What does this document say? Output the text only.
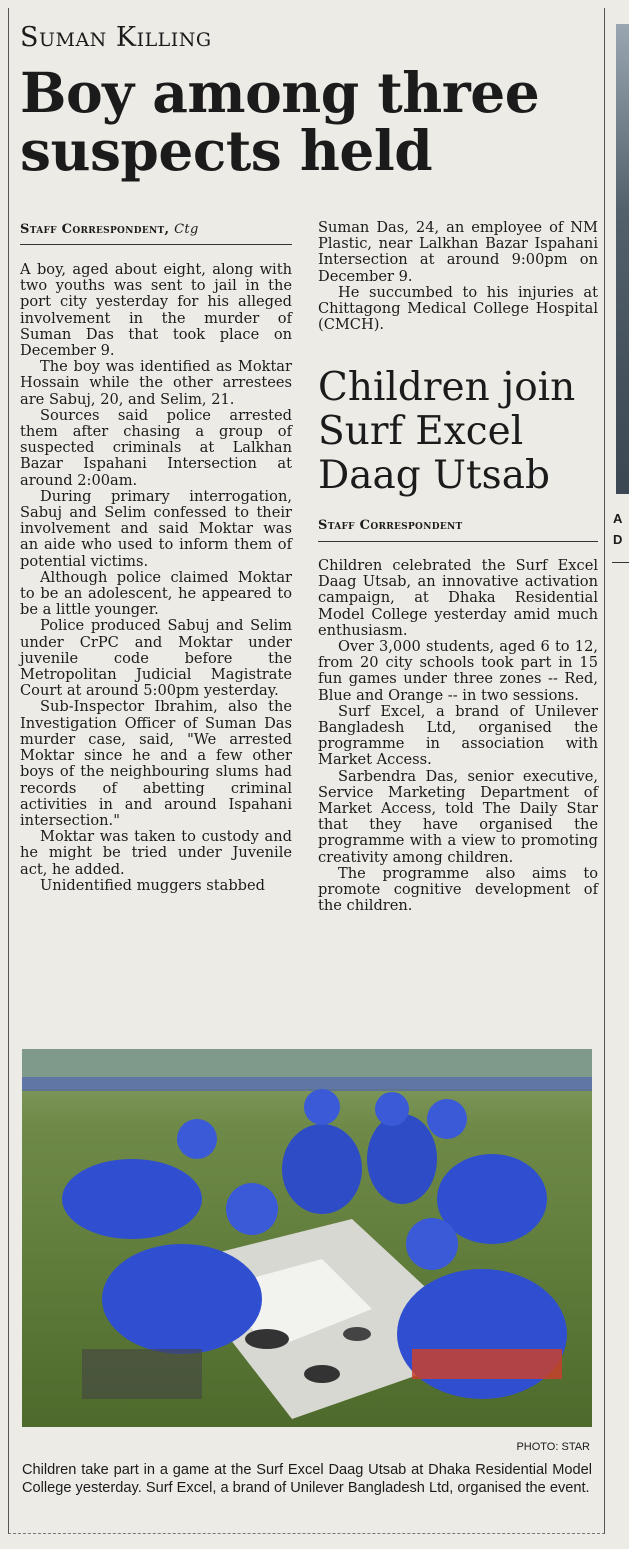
Suman Killing
Boy among three suspects held
Staff Correspondent, Ctg

A boy, aged about eight, along with two youths was sent to jail in the port city yesterday for his alleged involvement in the murder of Suman Das that took place on December 9.

The boy was identified as Moktar Hossain while the other arrestees are Sabuj, 20, and Selim, 21.

Sources said police arrested them after chasing a group of suspected criminals at Lalkhan Bazar Ispahani Intersection at around 2:00am.

During primary interrogation, Sabuj and Selim confessed to their involvement and said Moktar was an aide who used to inform them of potential victims.

Although police claimed Moktar to be an adolescent, he appeared to be a little younger.

Police produced Sabuj and Selim under CrPC and Moktar under juvenile code before the Metropolitan Judicial Magistrate Court at around 5:00pm yesterday.

Sub-Inspector Ibrahim, also the Investigation Officer of Suman Das murder case, said, "We arrested Moktar since he and a few other boys of the neighbouring slums had records of abetting criminal activities in and around Ispahani intersection."

Moktar was taken to custody and he might be tried under Juvenile act, he added.

Unidentified muggers stabbed

Suman Das, 24, an employee of NM Plastic, near Lalkhan Bazar Ispahani Intersection at around 9:00pm on December 9.

He succumbed to his injuries at Chittagong Medical College Hospital (CMCH).

Children join Surf Excel Daag Utsab
Staff Correspondent

Children celebrated the Surf Excel Daag Utsab, an innovative activation campaign, at Dhaka Residential Model College yesterday amid much enthusiasm.

Over 3,000 students, aged 6 to 12, from 20 city schools took part in 15 fun games under three zones -- Red, Blue and Orange -- in two sessions.

Surf Excel, a brand of Unilever Bangladesh Ltd, organised the programme in association with Market Access.

Sarbendra Das, senior executive, Service Marketing Department of Market Access, told The Daily Star that they have organised the programme with a view to promoting creativity among children.

The programme also aims to promote cognitive development of the children.

PHOTO: STAR
Children take part in a game at the Surf Excel Daag Utsab at Dhaka Residential Model College yesterday. Surf Excel, a brand of Unilever Bangladesh Ltd, organised the event.
A
D
